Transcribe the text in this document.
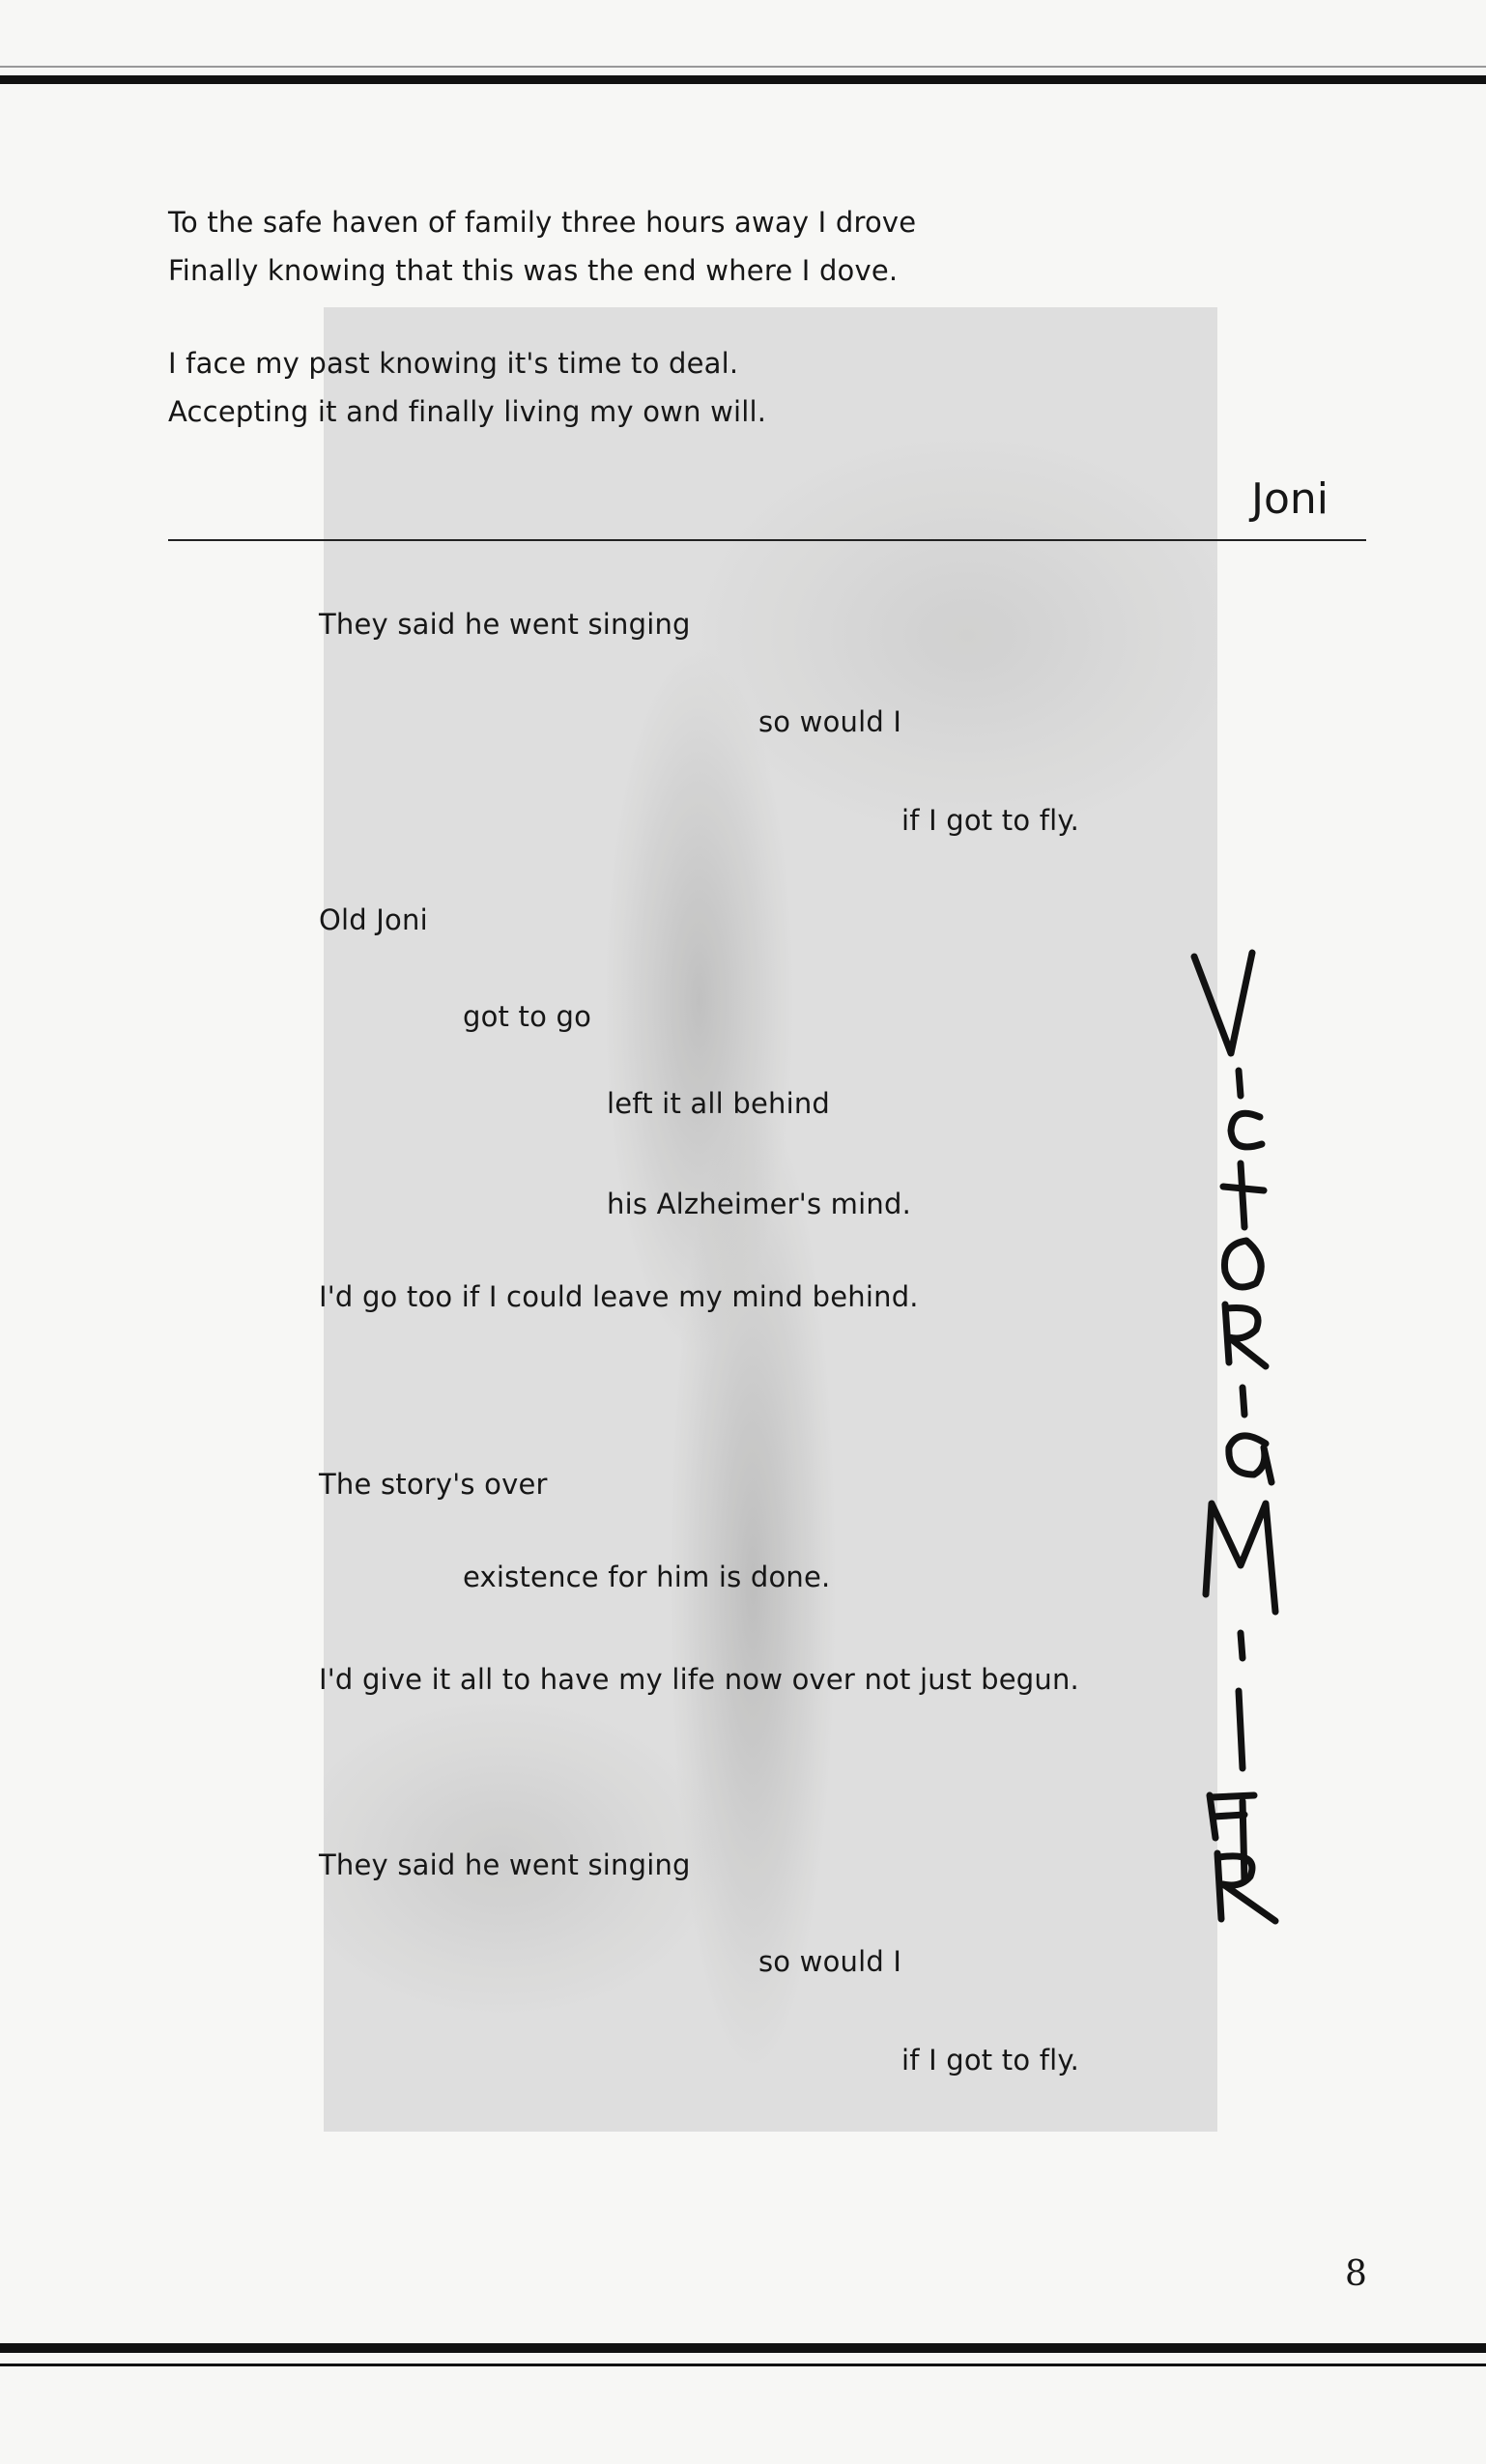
To the safe haven of family three hours away I drove
Finally knowing that this was the end where I dove.
I face my past knowing it's time to deal.
Accepting it and finally living my own will.
Joni
They said he went singing
so would I
if I got to fly.
Old Joni
got to go
left it all behind
his Alzheimer's mind.
I'd go too if I could leave my mind behind.
The story's over
existence for him is done.
I'd give it all to have my life now over not just begun.
They said he went singing
so would I
if I got to fly.
8
